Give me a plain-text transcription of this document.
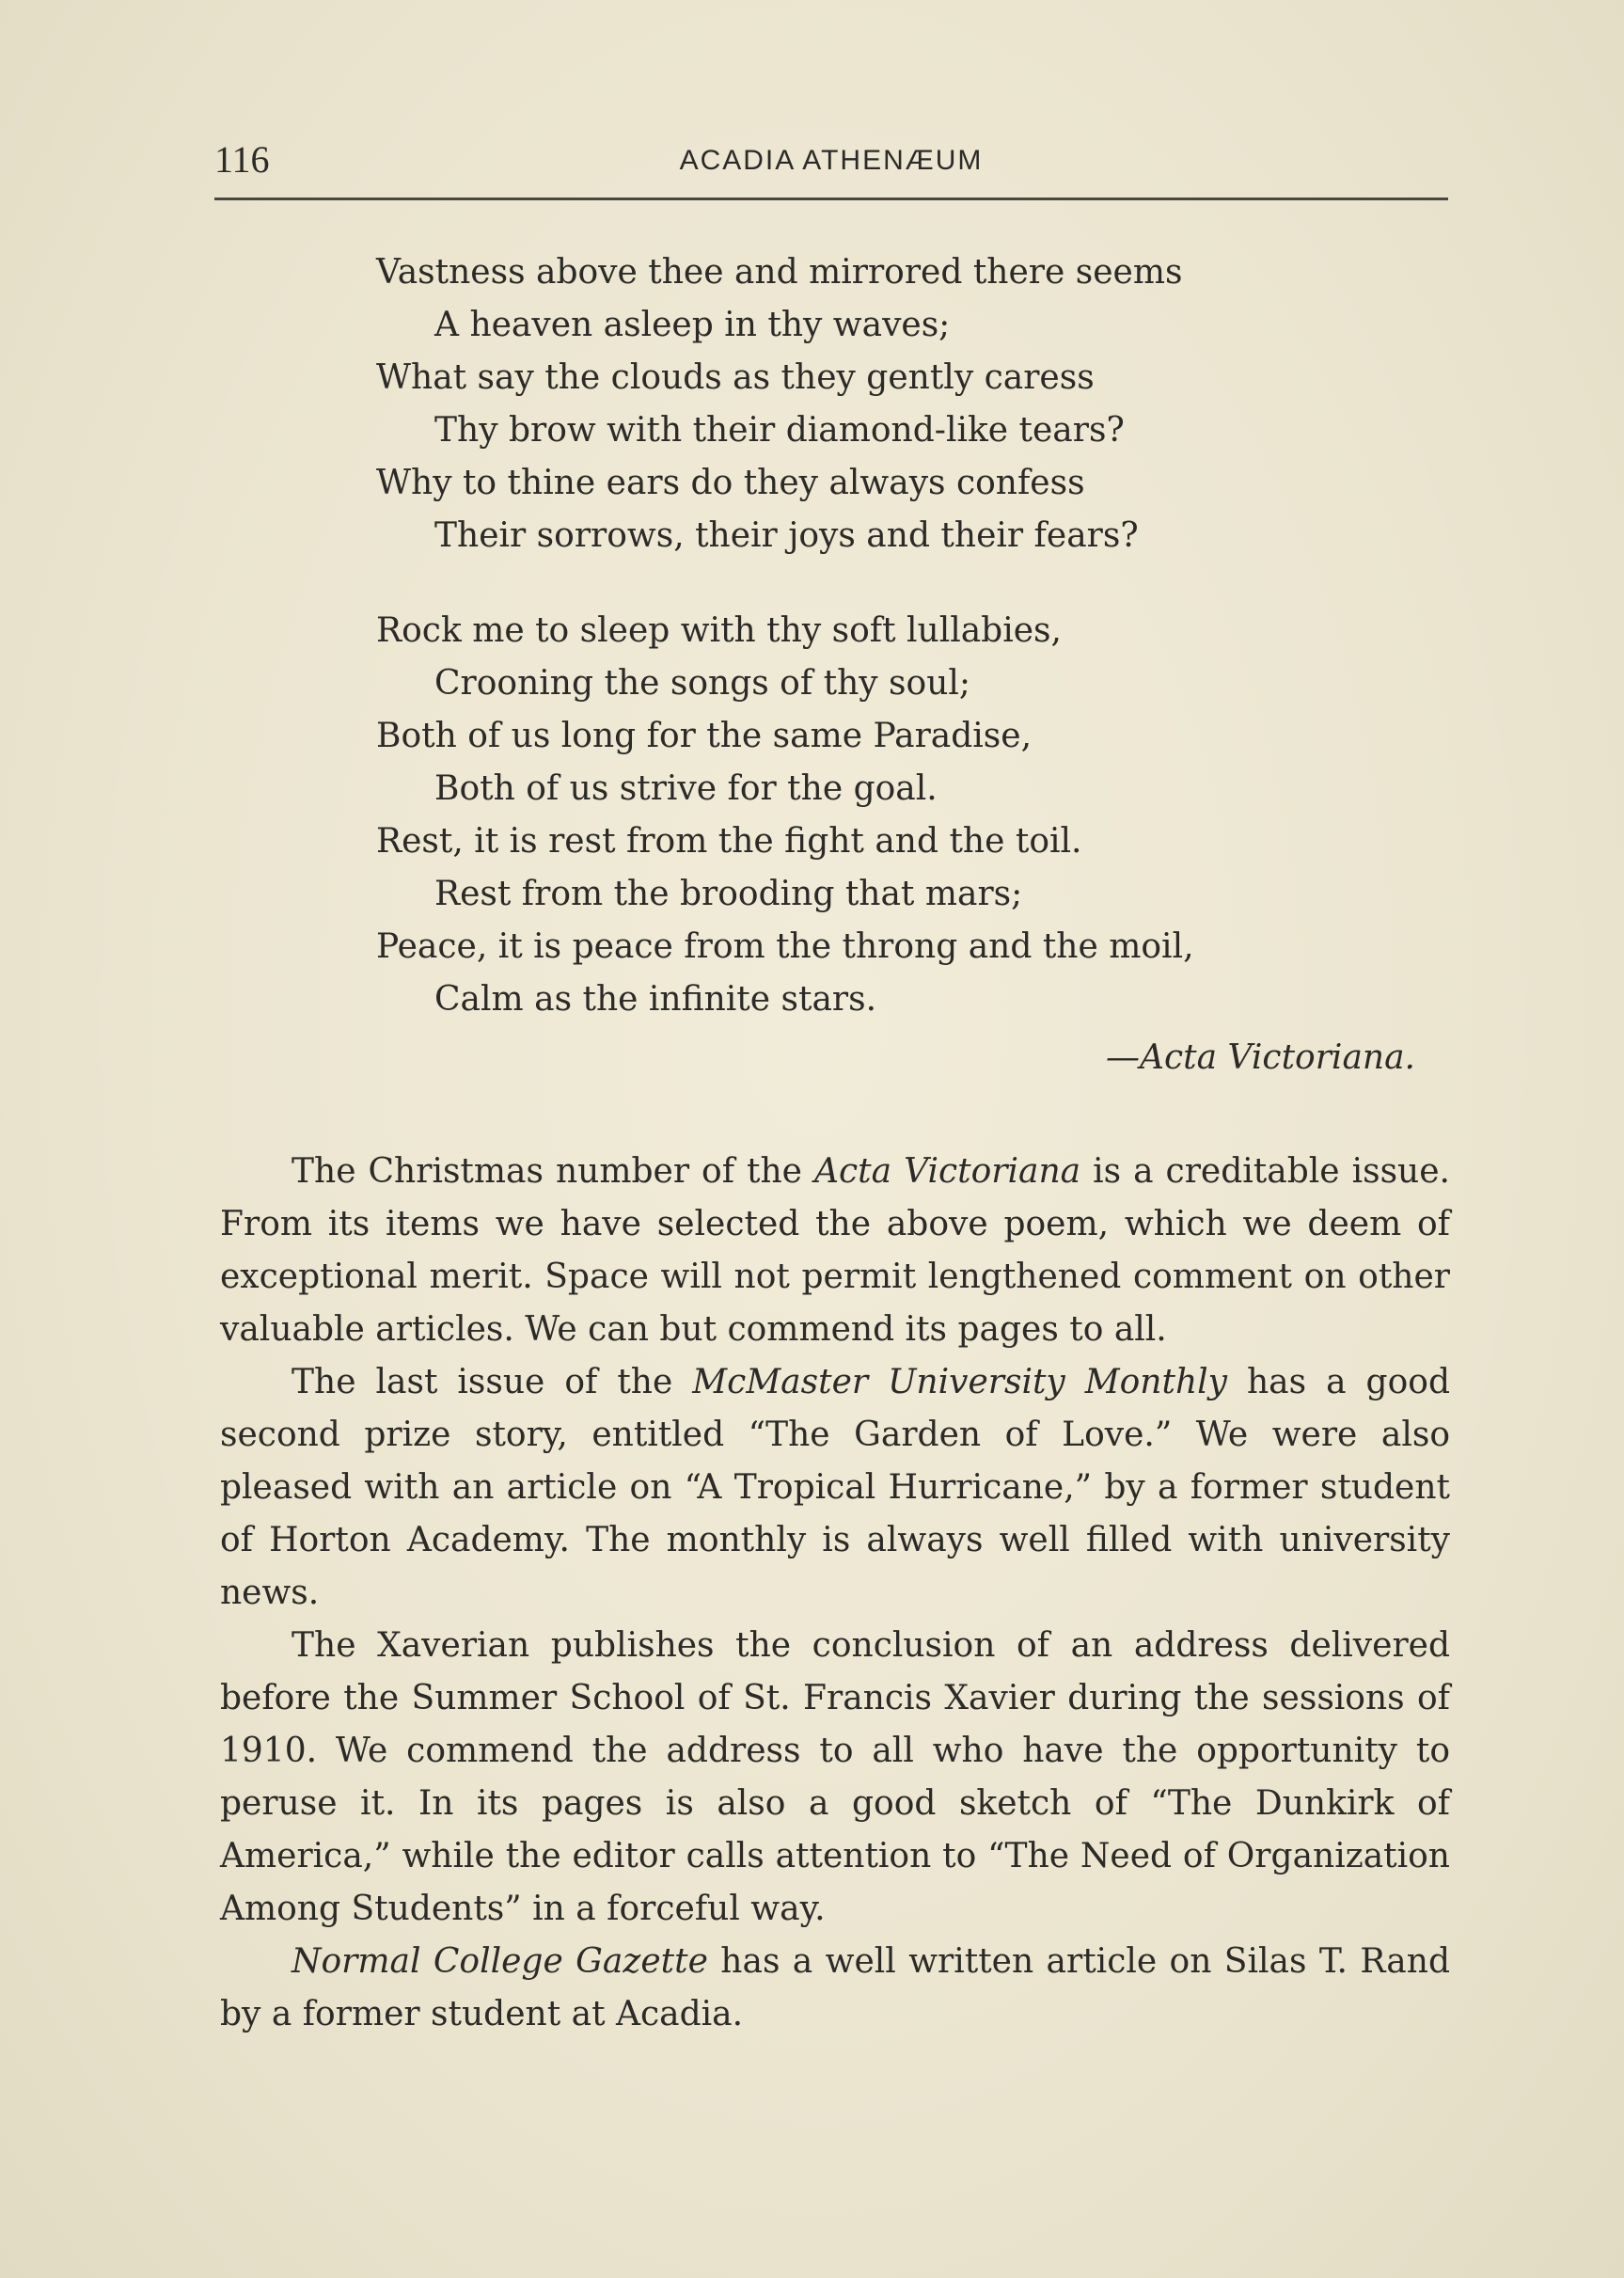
116	ACADIA ATHENÆUM
Vastness above thee and mirrored there seems
A heaven asleep in thy waves;
What say the clouds as they gently caress
Thy brow with their diamond-like tears?
Why to thine ears do they always confess
Their sorrows, their joys and their fears?
Rock me to sleep with thy soft lullabies,
Crooning the songs of thy soul;
Both of us long for the same Paradise,
Both of us strive for the goal.
Rest, it is rest from the fight and the toil.
Rest from the brooding that mars;
Peace, it is peace from the throng and the moil,
Calm as the infinite stars.
—Acta Victoriana.

The Christmas number of the Acta Victoriana is a creditable issue. From its items we have selected the above poem, which we deem of exceptional merit. Space will not permit lengthened comment on other valuable articles. We can but commend its pages to all.

The last issue of the McMaster University Monthly has a good second prize story, entitled “The Garden of Love.” We were also pleased with an article on “A Tropical Hurricane,” by a former student of Horton Academy. The monthly is always well filled with university news.

The Xaverian publishes the conclusion of an address delivered before the Summer School of St. Francis Xavier during the sessions of 1910. We commend the address to all who have the opportunity to peruse it. In its pages is also a good sketch of “The Dunkirk of America,” while the editor calls attention to “The Need of Organization Among Students” in a forceful way.

Normal College Gazette has a well written article on Silas T. Rand by a former student at Acadia.
